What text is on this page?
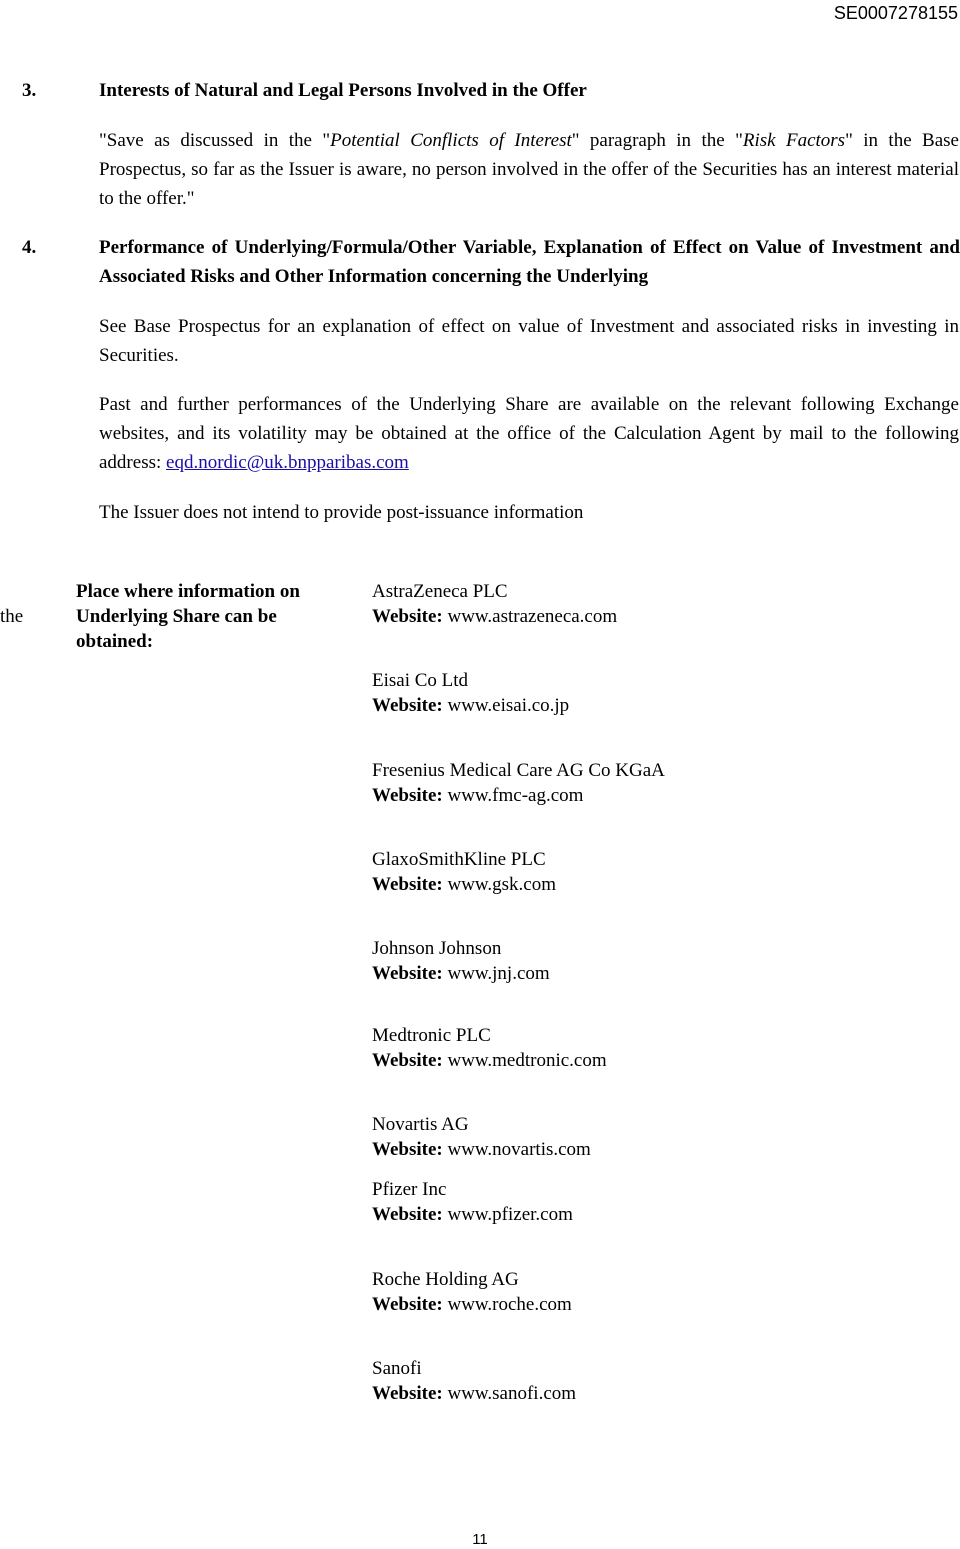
SE0007278155
3.	Interests of Natural and Legal Persons Involved in the Offer

"Save as discussed in the "Potential Conflicts of Interest" paragraph in the "Risk Factors" in the Base Prospectus, so far as the Issuer is aware, no person involved in the offer of the Securities has an interest material to the offer."

4.	Performance of Underlying/Formula/Other Variable, Explanation of Effect on Value of Investment and Associated Risks and Other Information concerning the Underlying

See Base Prospectus for an explanation of effect on value of Investment and associated risks in investing in Securities.

Past and further performances of the Underlying Share are available on the relevant following Exchange websites, and its volatility may be obtained at the office of the Calculation Agent by mail to the following address: eqd.nordic@uk.bnpparibas.com

The Issuer does not intend to provide post-issuance information

the
Place where information on Underlying Share can be obtained:
AstraZeneca PLC
Website: www.astrazeneca.com
Eisai Co Ltd
Website: www.eisai.co.jp
Fresenius Medical Care AG Co KGaA
Website: www.fmc-ag.com
GlaxoSmithKline PLC
Website: www.gsk.com
Johnson Johnson
Website: www.jnj.com
Medtronic PLC
Website: www.medtronic.com
Novartis AG
Website: www.novartis.com
Pfizer Inc
Website: www.pfizer.com
Roche Holding AG
Website: www.roche.com
Sanofi
Website: www.sanofi.com
11
